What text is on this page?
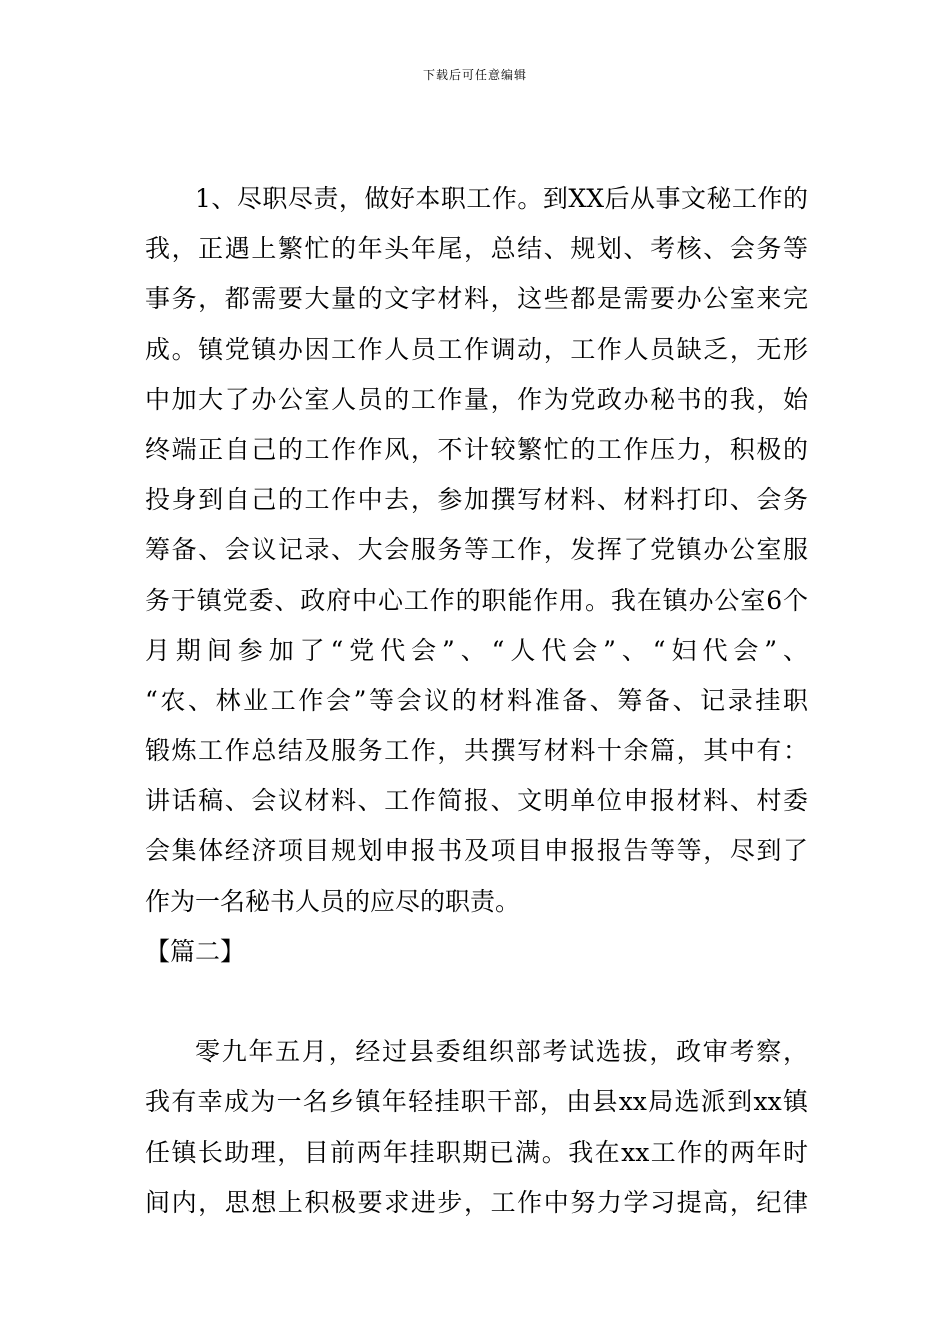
下载后可任意编辑
1、尽职尽责，做好本职工作。到XX后从事文秘工作的
我，正遇上繁忙的年头年尾，总结、规划、考核、会务等
事务，都需要大量的文字材料，这些都是需要办公室来完
成。镇党镇办因工作人员工作调动，工作人员缺乏，无形
中加大了办公室人员的工作量，作为党政办秘书的我，始
终端正自己的工作作风，不计较繁忙的工作压力，积极的
投身到自己的工作中去，参加撰写材料、材料打印、会务
筹备、会议记录、大会服务等工作，发挥了党镇办公室服
务于镇党委、政府中心工作的职能作用。我在镇办公室6个
月期间参加了“党代会”、“人代会”、“妇代会”、
“农、林业工作会”等会议的材料准备、筹备、记录挂职
锻炼工作总结及服务工作，共撰写材料十余篇，其中有：
讲话稿、会议材料、工作简报、文明单位申报材料、村委
会集体经济项目规划申报书及项目申报报告等等，尽到了
作为一名秘书人员的应尽的职责。
【篇二】
零九年五月，经过县委组织部考试选拔，政审考察，
我有幸成为一名乡镇年轻挂职干部，由县xx局选派到xx镇
任镇长助理，目前两年挂职期已满。我在xx工作的两年时
间内，思想上积极要求进步，工作中努力学习提高，纪律
